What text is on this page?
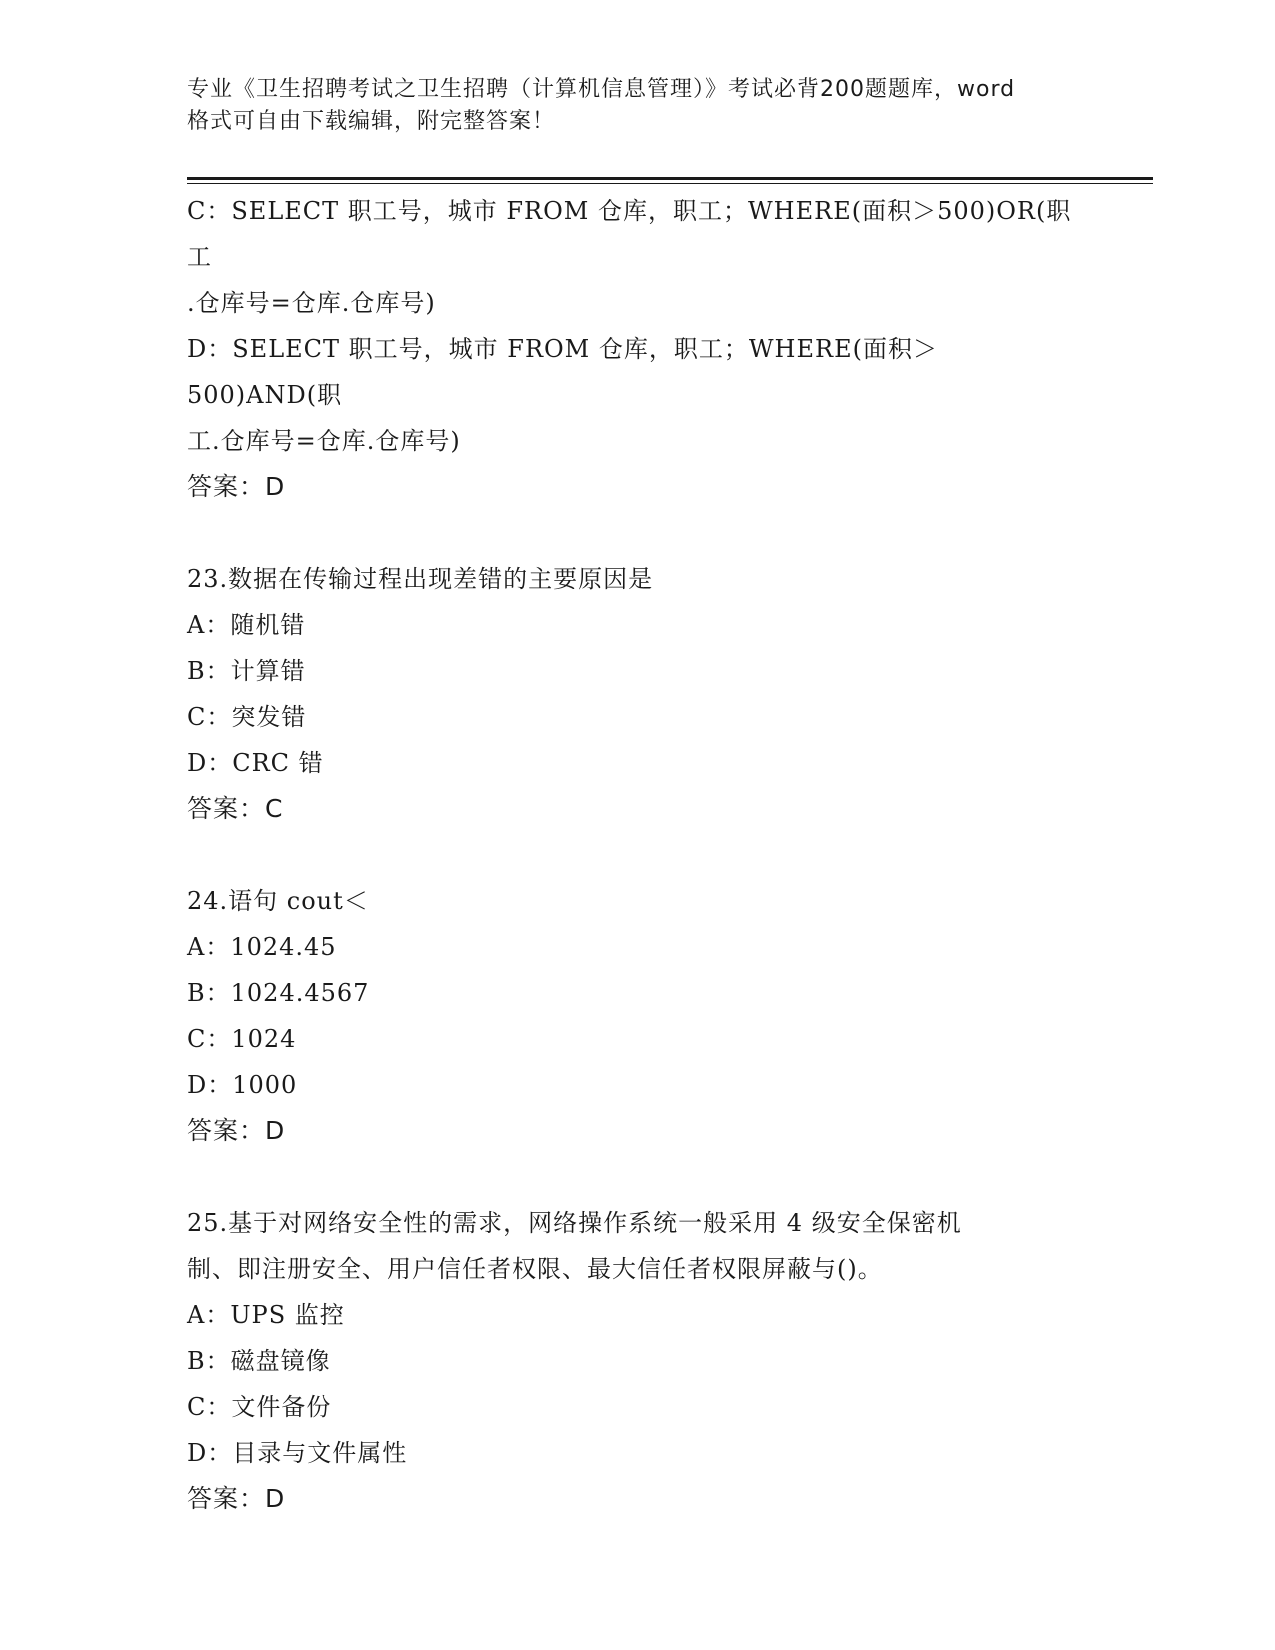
专业《卫生招聘考试之卫生招聘（计算机信息管理）》考试必背200题题库，word
格式可自由下载编辑，附完整答案！
C：SELECT 职工号，城市 FROM 仓库，职工；WHERE(面积＞500)OR(职工
.仓库号=仓库.仓库号)
D：SELECT 职工号，城市 FROM 仓库，职工；WHERE(面积＞500)AND(职
工.仓库号=仓库.仓库号)
答案：D
23.数据在传输过程出现差错的主要原因是
A：随机错
B：计算错
C：突发错
D：CRC 错
答案：C
24.语句 cout＜
A：1024.45
B：1024.4567
C：1024
D：1000
答案：D
25.基于对网络安全性的需求，网络操作系统一般采用 4 级安全保密机
制、即注册安全、用户信任者权限、最大信任者权限屏蔽与()。
A：UPS 监控
B：磁盘镜像
C：文件备份
D：目录与文件属性
答案：D
